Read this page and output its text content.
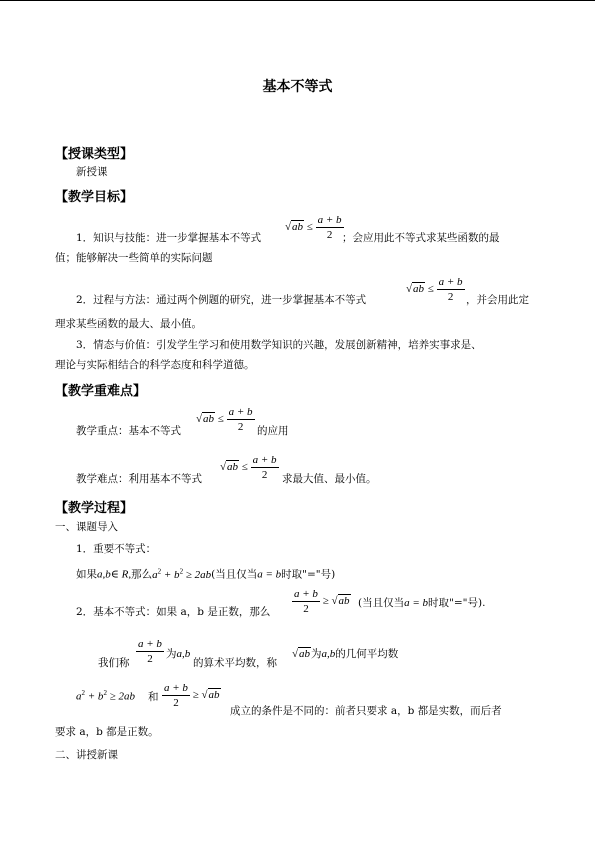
基本不等式
【授课类型】
新授课
【教学目标】
1．知识与技能：进一步掌握基本不等式
$√ab \le \frac{a + b}{2}$
；会应用此不等式求某些函数的最
值；能够解决一些简单的实际问题
2．过程与方法：通过两个例题的研究，进一步掌握基本不等式
$√ab \le \frac{a + b}{2}$ ，并会用此定
理求某些函数的最大、最小值。
3．情态与价值：引发学生学习和使用数学知识的兴趣，发展创新精神，培养实事求是、
理论与实际相结合的科学态度和科学道德。
【教学重难点】
教学重点：基本不等式
$√ab \le \frac{a + b}{2}$ 的应用
教学难点：利用基本不等式
$√ab \le \frac{a + b}{2}$ 求最大值、最小值。
【教学过程】
一、课题导入
1．重要不等式：
如果a,b∈ R,那么$a^2 + b^2 \ge 2ab$(当且仅当a = b时取"="号)
2．基本不等式：如果 a，b 是正数，那么 $\frac{a + b}{2} \ge √ab$ (当且仅当a = b时取"="号).
我们称 $\frac{a + b}{2}$ 为a,b
的算术平均数，称
√ab为a,b的几何平均数
$a^2 + b^2 \ge 2ab$ 和 $\frac{a + b}{2} \ge √ab$
成立的条件是不同的：前者只要求 a，b 都是实数，而后者
要求 a，b 都是正数。
二、讲授新课
